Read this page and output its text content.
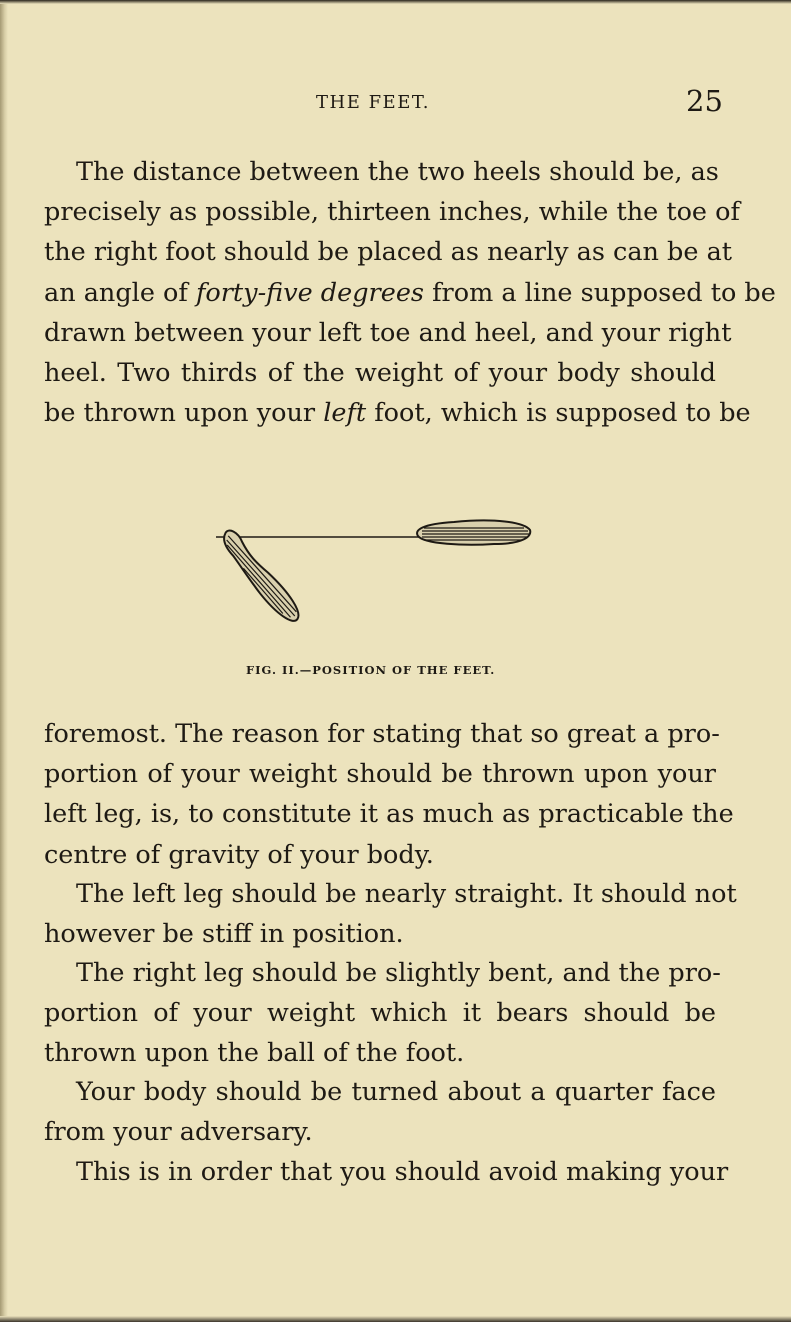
THE FEET.	25
The distance between the two heels should be, as
precisely as possible, thirteen inches, while the toe of
the right foot should be placed as nearly as can be at
an angle of forty-five degrees from a line supposed to be
drawn between your left toe and heel, and your right
heel. Two thirds of the weight of your body should
be thrown upon your left foot, which is supposed to be
FIG. II.—POSITION OF THE FEET.
foremost. The reason for stating that so great a pro-
portion of your weight should be thrown upon your
left leg, is, to constitute it as much as practicable the
centre of gravity of your body.
The left leg should be nearly straight. It should not
however be stiff in position.
The right leg should be slightly bent, and the pro-
portion of your weight which it bears should be
thrown upon the ball of the foot.
Your body should be turned about a quarter face
from your adversary.
This is in order that you should avoid making your
